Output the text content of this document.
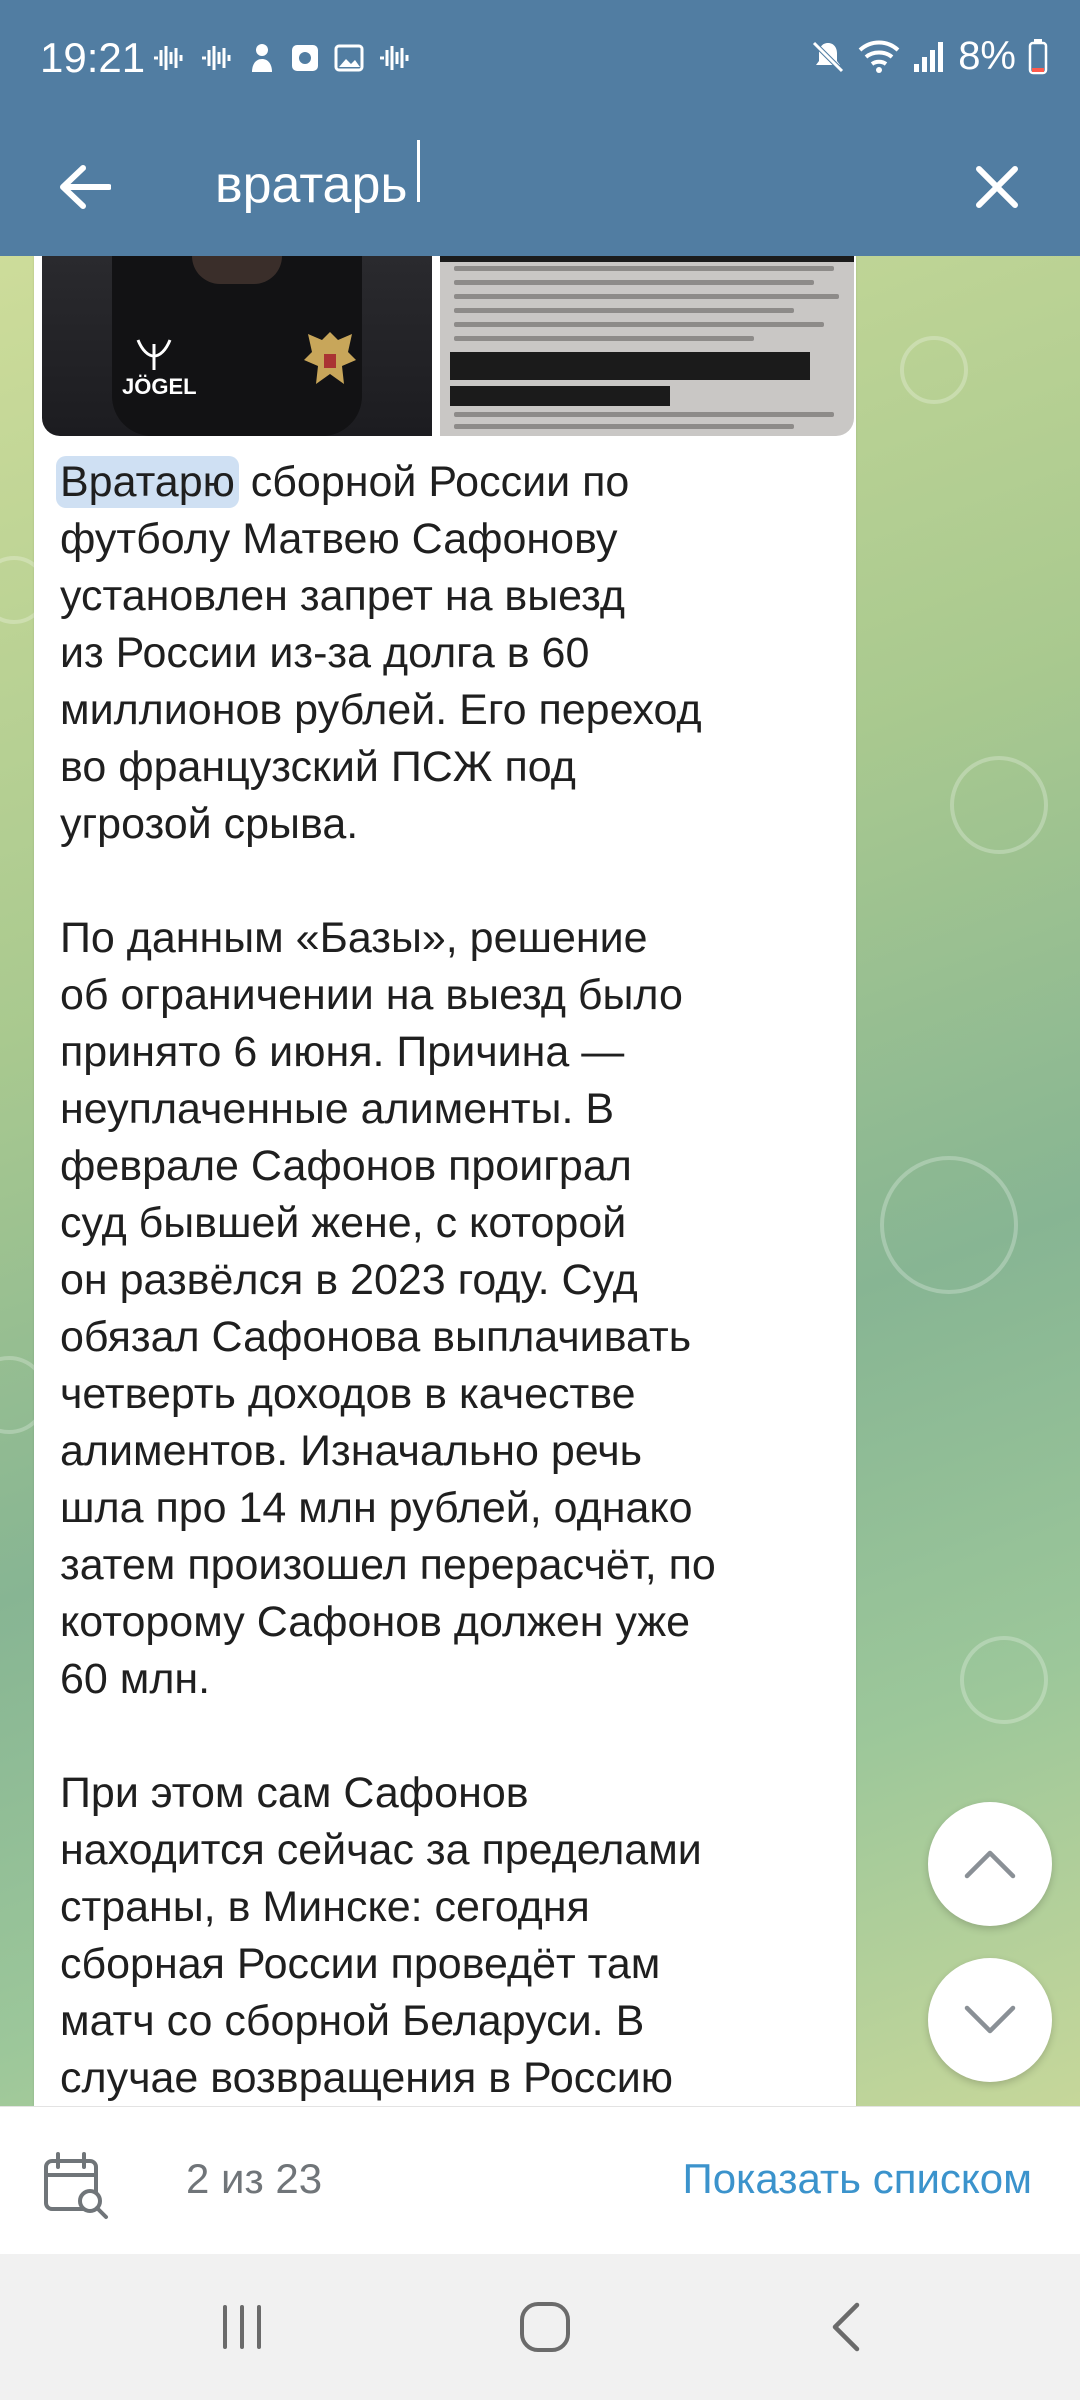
19:21	8%
вратарь
JÖGEL
Вратарю сборной России по
футболу Матвею Сафонову
установлен запрет на выезд
из России из-за долга в 60
миллионов рублей. Его переход
во французский ПСЖ под
угрозой срыва.

По данным «Базы», решение
об ограничении на выезд было
принято 6 июня. Причина —
неуплаченные алименты. В
феврале Сафонов проиграл
суд бывшей жене, с которой
он развёлся в 2023 году. Суд
обязал Сафонова выплачивать
четверть доходов в качестве
алиментов. Изначально речь
шла про 14 млн рублей, однако
затем произошел перерасчёт, по
которому Сафонов должен уже
60 млн.

При этом сам Сафонов
находится сейчас за пределами
страны, в Минске: сегодня
сборная России проведёт там
матч со сборной Беларуси. В
случае возвращения в Россию
2 из 23	Показать списком
